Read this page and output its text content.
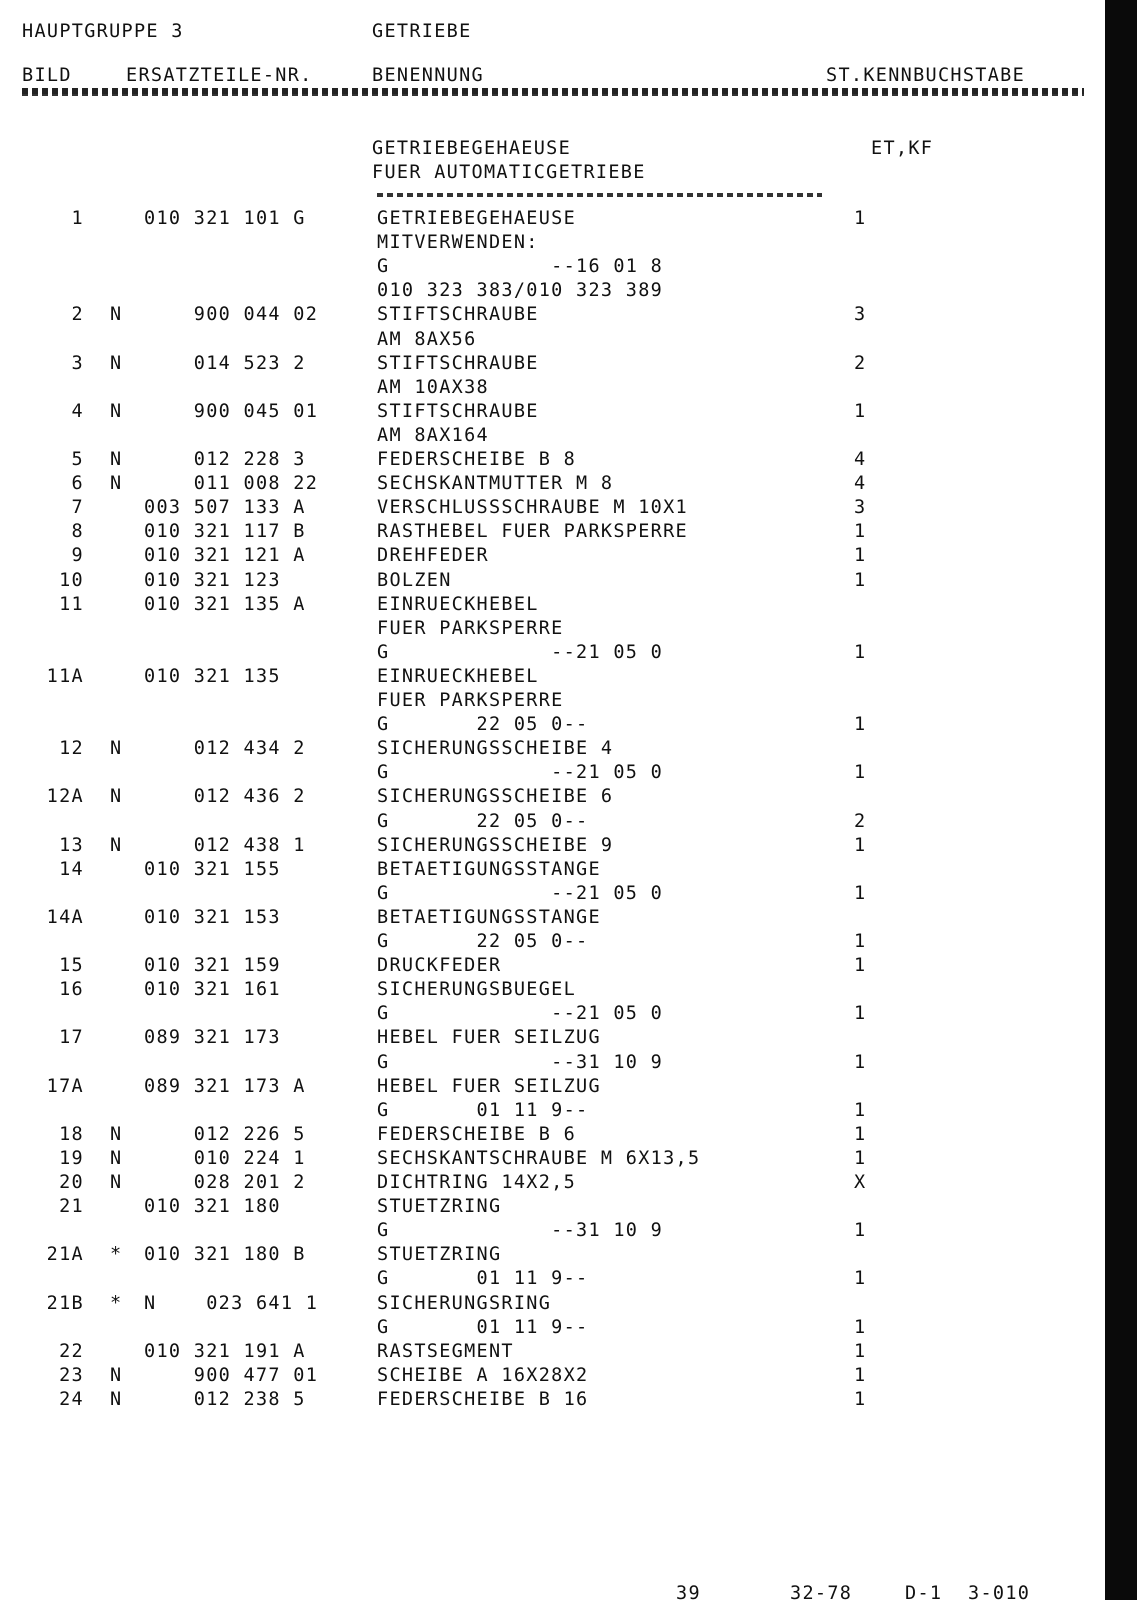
HAUPTGRUPPE 3	GETRIEBE
BILD	ERSATZTEILE-NR.	BENENNUNG	ST.KENNBUCHSTABE
GETRIEBEGEHAEUSE
FUER AUTOMATICGETRIEBE
ET,KF
1	010 321 101 G	GETRIEBEGEHAEUSE	1
MITVERWENDEN:
G             --16 01 8
010 323 383/010 323 389
2 N 900 044 02	STIFTSCHRAUBE	3
AM 8AX56
3 N 014 523 2	STIFTSCHRAUBE	2
AM 10AX38
4 N 900 045 01	STIFTSCHRAUBE	1
AM 8AX164
5 N 012 228 3	FEDERSCHEIBE B 8	4
6 N 011 008 22	SECHSKANTMUTTER M 8	4
7	003 507 133 A	VERSCHLUSSSCHRAUBE M 10X1	3
8	010 321 117 B	RASTHEBEL FUER PARKSPERRE	1
9	010 321 121 A	DREHFEDER	1
10	010 321 123	BOLZEN	1
11	010 321 135 A	EINRUECKHEBEL
FUER PARKSPERRE
G             --21 05 0	1
11A	010 321 135	EINRUECKHEBEL
FUER PARKSPERRE
G       22 05 0--	1
12 N 012 434 2	SICHERUNGSSCHEIBE 4
G             --21 05 0	1
12A N 012 436 2	SICHERUNGSSCHEIBE 6
G       22 05 0--	2
13 N 012 438 1	SICHERUNGSSCHEIBE 9	1
14	010 321 155	BETAETIGUNGSSTANGE
G             --21 05 0	1
14A	010 321 153	BETAETIGUNGSSTANGE
G       22 05 0--	1
15	010 321 159	DRUCKFEDER	1
16	010 321 161	SICHERUNGSBUEGEL
G             --21 05 0	1
17	089 321 173	HEBEL FUER SEILZUG
G             --31 10 9	1
17A	089 321 173 A	HEBEL FUER SEILZUG
G       01 11 9--	1
18 N 012 226 5	FEDERSCHEIBE B 6	1
19 N 010 224 1	SECHSKANTSCHRAUBE M 6X13,5	1
20 N 028 201 2	DICHTRING 14X2,5	X
21	010 321 180	STUETZRING
G             --31 10 9	1
21A * 010 321 180 B	STUETZRING
G       01 11 9--	1
21B * N    023 641 1	SICHERUNGSRING
G       01 11 9--	1
22	010 321 191 A	RASTSEGMENT	1
23 N 900 477 01	SCHEIBE A 16X28X2	1
24 N 012 238 5	FEDERSCHEIBE B 16	1
39	32-78	D-1 3-010
